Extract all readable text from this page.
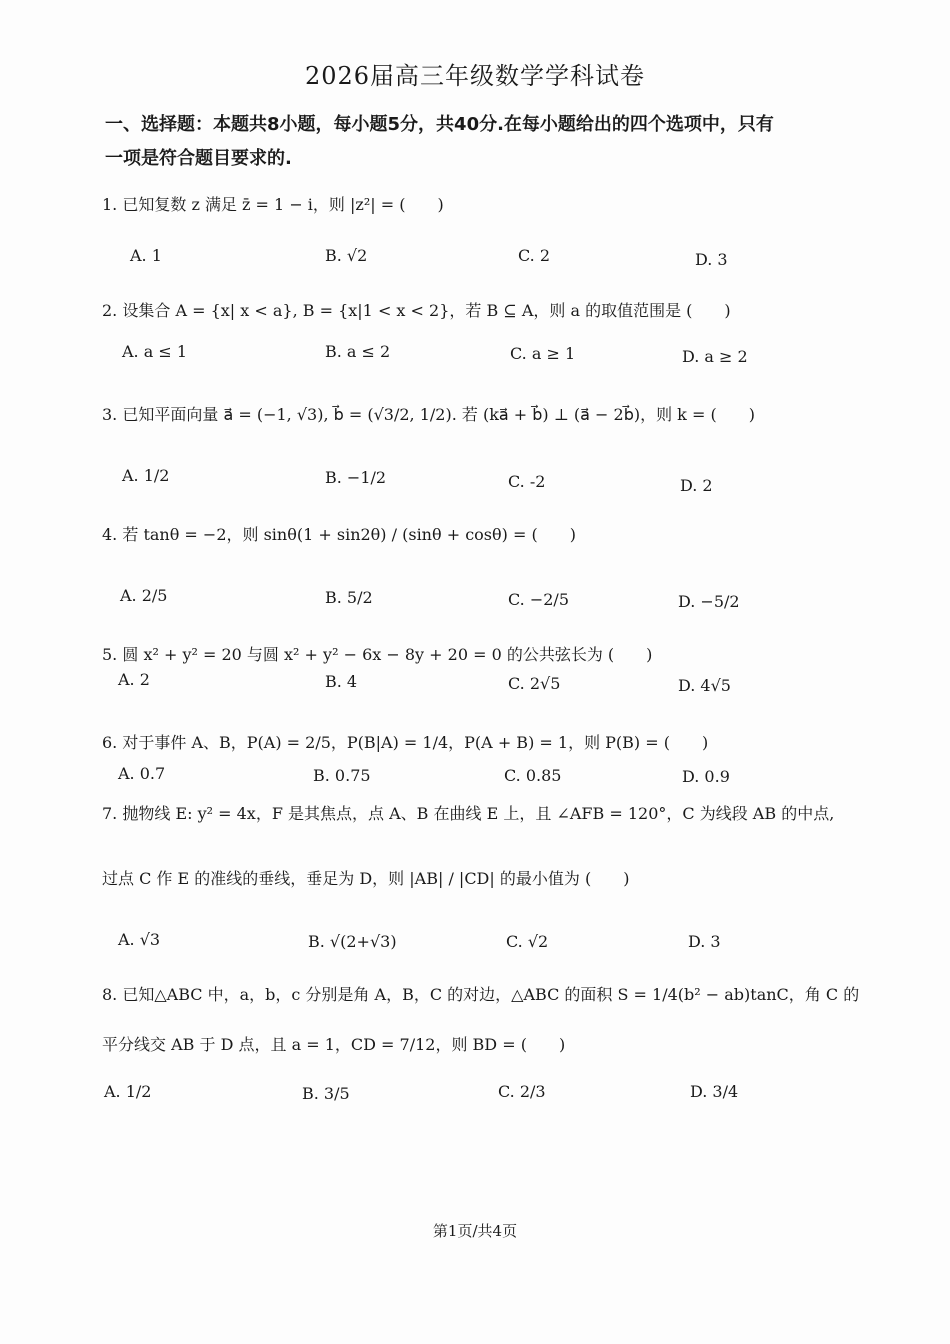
2026届高三年级数学学科试卷
一、选择题：本题共8小题，每小题5分，共40分.在每小题给出的四个选项中，只有
一项是符合题目要求的.
1. 已知复数 z 满足 z̄ = 1 − i，则 |z²| = (　　)
A. 1	B. √2	C. 2	D. 3
2. 设集合 A = {x| x < a}, B = {x|1 < x < 2}，若 B ⊆ A，则 a 的取值范围是 (　　)
A. a ≤ 1	B. a ≤ 2	C. a ≥ 1	D. a ≥ 2
3. 已知平面向量 a⃗ = (−1, √3), b⃗ = (√3/2, 1/2). 若 (ka⃗ + b⃗) ⊥ (a⃗ − 2b⃗)，则 k = (　　)
A. 1/2	B. −1/2	C. -2	D. 2
4. 若 tanθ = −2，则 sinθ(1 + sin2θ) / (sinθ + cosθ) = (　　)
A. 2/5	B. 5/2	C. −2/5	D. −5/2
5. 圆 x² + y² = 20 与圆 x² + y² − 6x − 8y + 20 = 0 的公共弦长为 (　　)
A. 2	B. 4	C. 2√5	D. 4√5
6. 对于事件 A、B，P(A) = 2/5，P(B|A) = 1/4，P(A + B) = 1，则 P(B) = (　　)
A. 0.7	B. 0.75	C. 0.85	D. 0.9
7. 抛物线 E: y² = 4x，F 是其焦点，点 A、B 在曲线 E 上，且 ∠AFB = 120°，C 为线段 AB 的中点,
过点 C 作 E 的准线的垂线，垂足为 D，则 |AB| / |CD| 的最小值为 (　　)
A. √3	B. √(2+√3)	C. √2	D. 3
8. 已知△ABC 中，a，b，c 分别是角 A，B，C 的对边，△ABC 的面积 S = 1/4(b² − ab)tanC，角 C 的
平分线交 AB 于 D 点，且 a = 1，CD = 7/12，则 BD = (　　)
A. 1/2	B. 3/5	C. 2/3	D. 3/4
第1页/共4页
